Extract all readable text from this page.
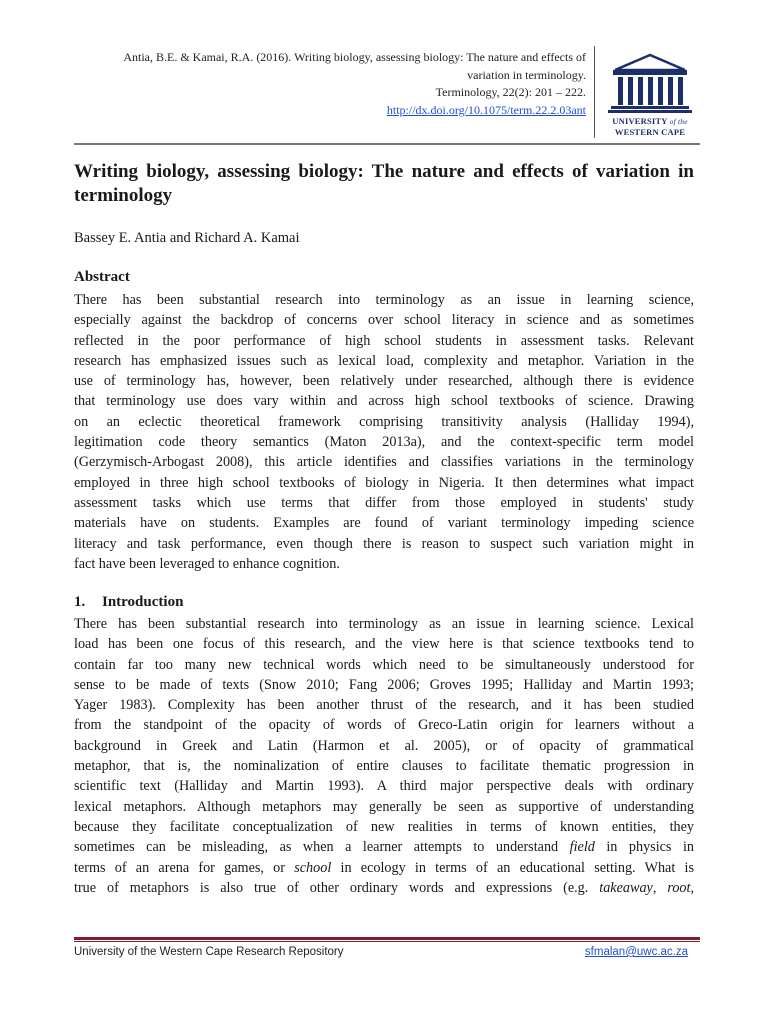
Antia, B.E. & Kamai, R.A. (2016). Writing biology, assessing biology: The nature and effects of
variation in terminology.
Terminology, 22(2): 201 – 222.
http://dx.doi.org/10.1075/term.22.2.03ant
UNIVERSITY of the
WESTERN CAPE
Writing biology, assessing biology: The nature and effects of variation in terminology
Bassey E. Antia and Richard A. Kamai
Abstract
There has been substantial research into terminology as an issue in learning science,
especially against the backdrop of concerns over school literacy in science and as sometimes
reflected in the poor performance of high school students in assessment tasks. Relevant
research has emphasized issues such as lexical load, complexity and metaphor. Variation in the
use of terminology has, however, been relatively under researched, although there is evidence
that terminology use does vary within and across high school textbooks of science. Drawing
on an eclectic theoretical framework comprising transitivity analysis (Halliday 1994),
legitimation code theory semantics (Maton 2013a), and the context-specific term model
(Gerzymisch-Arbogast 2008), this article identifies and classifies variations in the terminology
employed in three high school textbooks of biology in Nigeria. It then determines what impact
assessment tasks which use terms that differ from those employed in students' study
materials have on students. Examples are found of variant terminology impeding science
literacy and task performance, even though there is reason to suspect such variation might in
fact have been leveraged to enhance cognition.
1. Introduction
There has been substantial research into terminology as an issue in learning science. Lexical
load has been one focus of this research, and the view here is that science textbooks tend to
contain far too many new technical words which need to be simultaneously understood for
sense to be made of texts (Snow 2010; Fang 2006; Groves 1995; Halliday and Martin 1993;
Yager 1983). Complexity has been another thrust of the research, and it has been studied
from the standpoint of the opacity of words of Greco-Latin origin for learners without a
background in Greek and Latin (Harmon et al. 2005), or of opacity of grammatical
metaphor, that is, the nominalization of entire clauses to facilitate thematic progression in
scientific text (Halliday and Martin 1993). A third major perspective deals with ordinary
lexical metaphors. Although metaphors may generally be seen as supportive of understanding
because they facilitate conceptualization of new realities in terms of known entities, they
sometimes can be misleading, as when a learner attempts to understand field in physics in
terms of an arena for games, or school in ecology in terms of an educational setting. What is
true of metaphors is also true of other ordinary words and expressions (e.g. takeaway, root,
University of the Western Cape Research Repository	sfmalan@uwc.ac.za
